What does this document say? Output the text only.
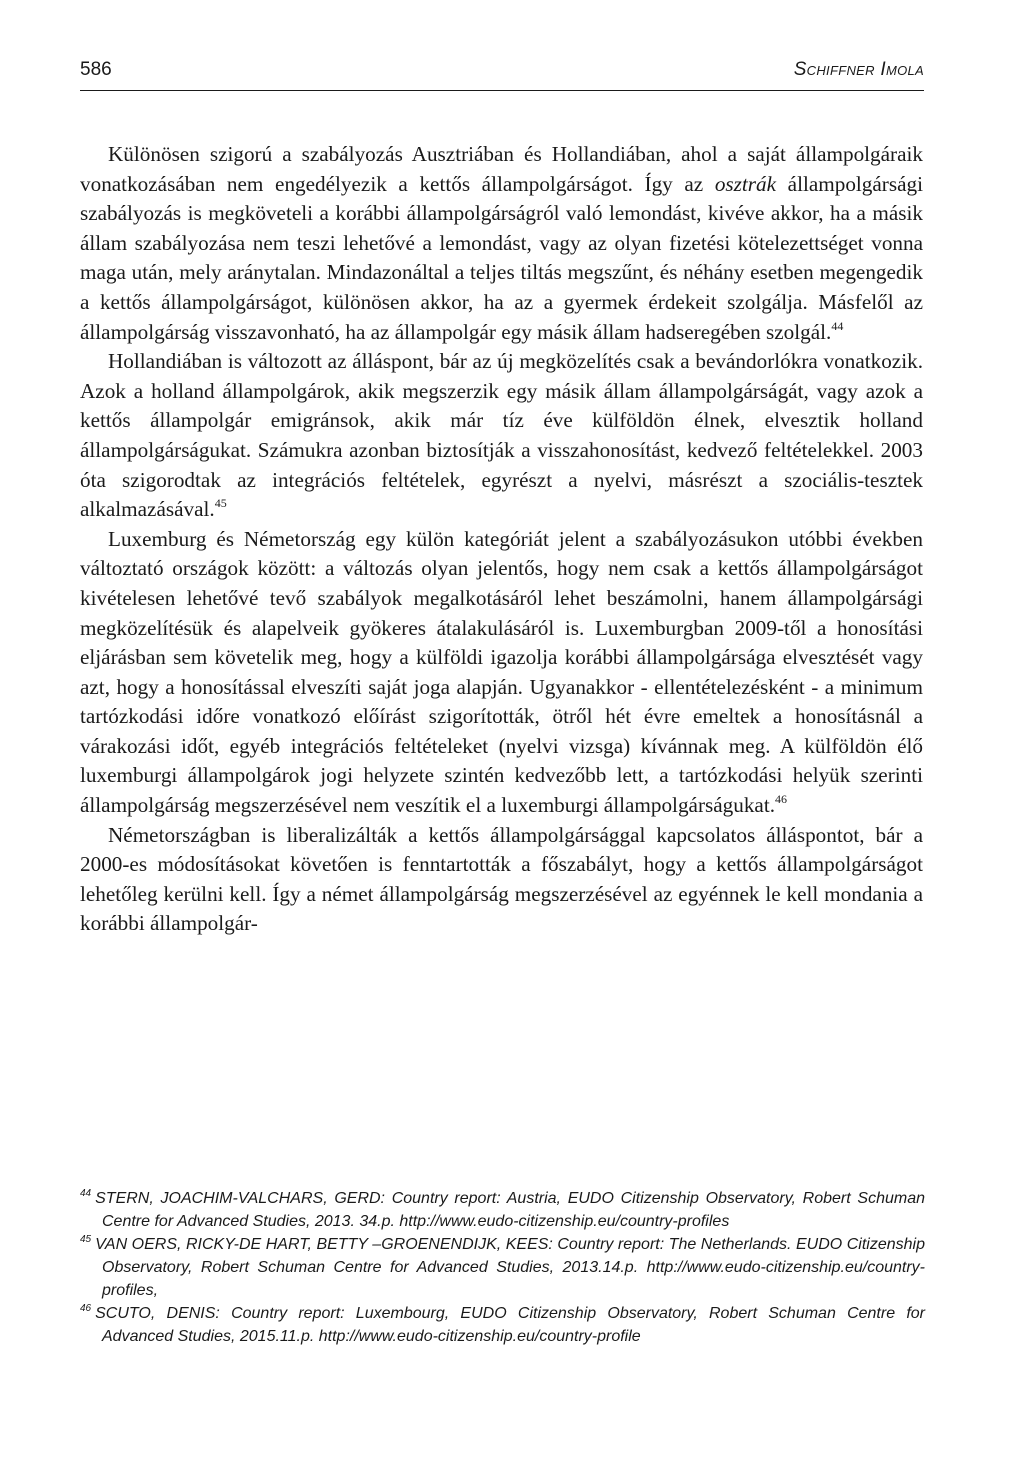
586	Schiffner Imola

Különösen szigorú a szabályozás Ausztriában és Hollandiában, ahol a saját állampolgáraik vonatkozásában nem engedélyezik a kettős állampolgárságot. Így az osztrák állampolgársági szabályozás is megköveteli a korábbi állampolgárságról való lemondást, kivéve akkor, ha a másik állam szabályozása nem teszi lehetővé a lemondást, vagy az olyan fizetési kötelezettséget vonna maga után, mely aránytalan. Mindazonáltal a teljes tiltás megszűnt, és néhány esetben megengedik a kettős állampolgárságot, különösen akkor, ha az a gyermek érdekeit szolgálja. Másfelől az állampolgárság visszavonható, ha az állampolgár egy másik állam hadseregében szolgál.$^{44}$

Hollandiában is változott az álláspont, bár az új megközelítés csak a bevándorlókra vonatkozik. Azok a holland állampolgárok, akik megszerzik egy másik állam állampolgárságát, vagy azok a kettős állampolgár emigránsok, akik már tíz éve külföldön élnek, elvesztik holland állampolgárságukat. Számukra azonban biztosítják a visszahonosítást, kedvező feltételekkel. 2003 óta szigorodtak az integrációs feltételek, egyrészt a nyelvi, másrészt a szociális-tesztek alkalmazásával.$^{45}$

Luxemburg és Németország egy külön kategóriát jelent a szabályozásukon utóbbi években változtató országok között: a változás olyan jelentős, hogy nem csak a kettős állampolgárságot kivételesen lehetővé tevő szabályok megalkotásáról lehet beszámolni, hanem állampolgársági megközelítésük és alapelveik gyökeres átalakulásáról is. Luxemburgban 2009-től a honosítási eljárásban sem követelik meg, hogy a külföldi igazolja korábbi állampolgársága elvesztését vagy azt, hogy a honosítással elveszíti saját joga alapján. Ugyanakkor - ellentételezésként - a minimum tartózkodási időre vonatkozó előírást szigorították, ötről hét évre emeltek a honosításnál a várakozási időt, egyéb integrációs feltételeket (nyelvi vizsga) kívánnak meg. A külföldön élő luxemburgi állampolgárok jogi helyzete szintén kedvezőbb lett, a tartózkodási helyük szerinti állampolgárság megszerzésével nem veszítik el a luxemburgi állampolgárságukat.$^{46}$

Németországban is liberalizálták a kettős állampolgársággal kapcsolatos álláspontot, bár a 2000-es módosításokat követően is fenntartották a főszabályt, hogy a kettős állampolgárságot lehetőleg kerülni kell. Így a német állampolgárság megszerzésével az egyénnek le kell mondania a korábbi állampolgár-

$^{44}$ STERN, JOACHIM-VALCHARS, GERD: Country report: Austria, EUDO Citizenship Observatory, Robert Schuman Centre for Advanced Studies, 2013. 34.p. http://www.eudo-citizenship.eu/country-profiles

$^{45}$ VAN OERS, RICKY-DE HART, BETTY –GROENENDIJK, KEES: Country report: The Netherlands. EUDO Citizenship Observatory, Robert Schuman Centre for Advanced Studies, 2013.14.p. http://www.eudo-citizenship.eu/country-profiles,

$^{46}$ SCUTO, DENIS: Country report: Luxembourg, EUDO Citizenship Observatory, Robert Schuman Centre for Advanced Studies, 2015.11.p. http://www.eudo-citizenship.eu/country-profile
